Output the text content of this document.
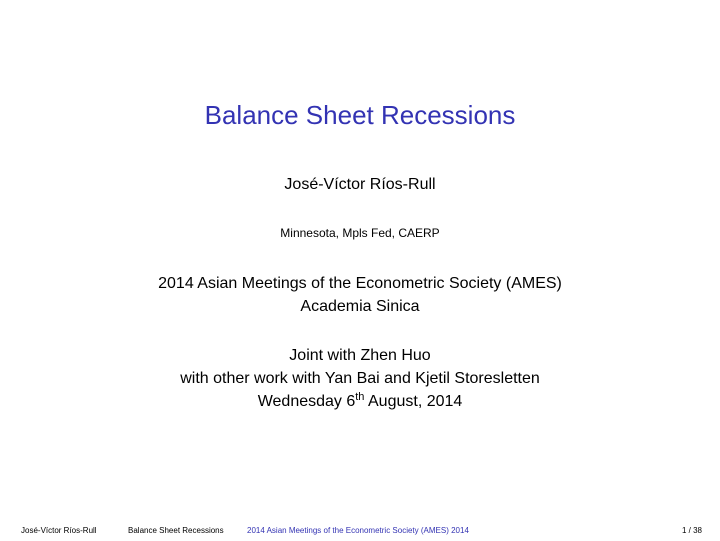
Balance Sheet Recessions
José-Víctor Ríos-Rull
Minnesota, Mpls Fed, CAERP
2014 Asian Meetings of the Econometric Society (AMES)
Academia Sinica
Joint with Zhen Huo
with other work with Yan Bai and Kjetil Storesletten
Wednesday 6th August, 2014
José-Víctor Ríos-Rull	Balance Sheet Recessions	2014 Asian Meetings of the Econometric Society (AMES) 2014	1 / 38
